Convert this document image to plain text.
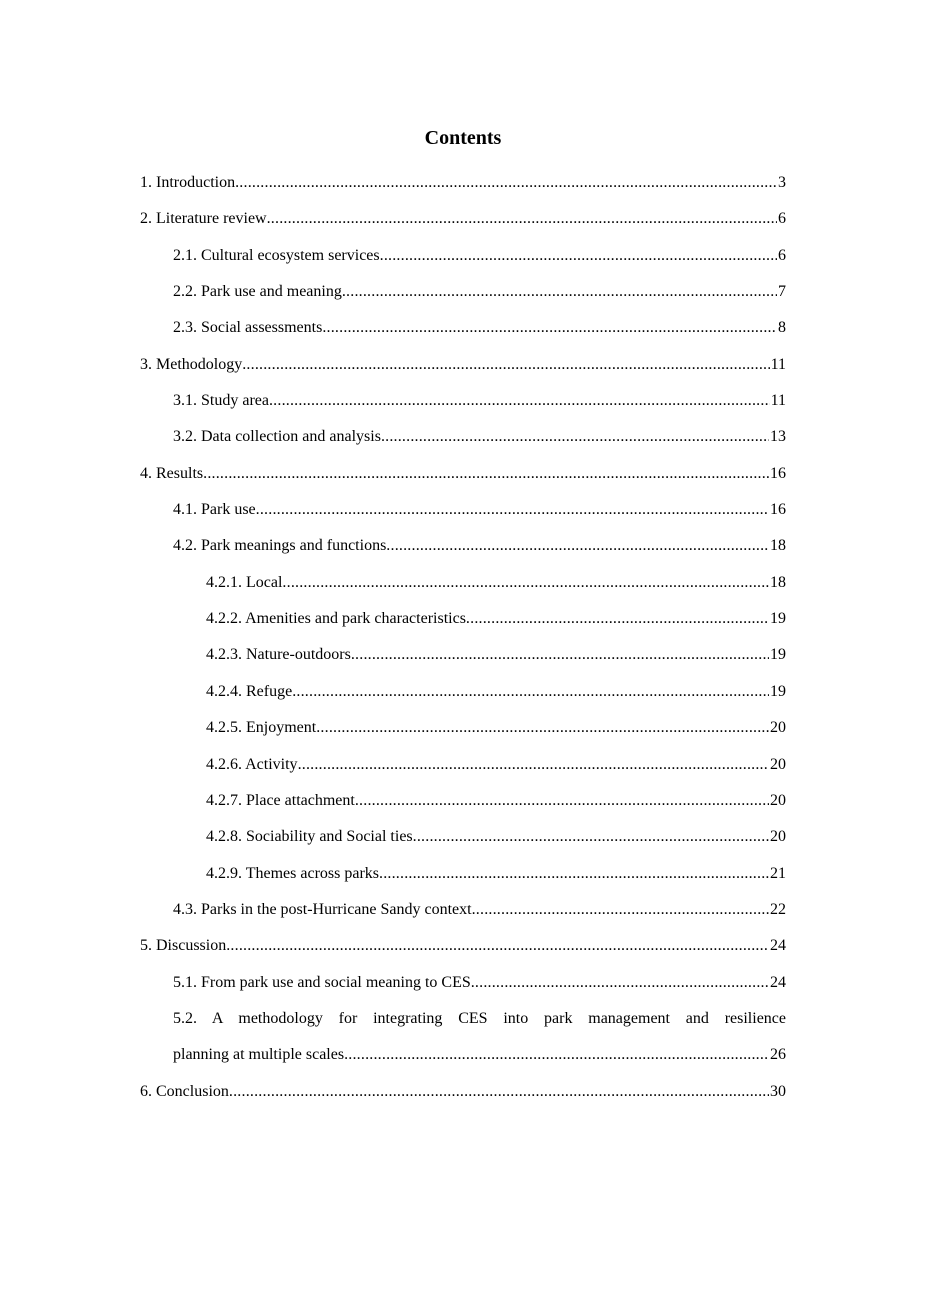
Contents
1. Introduction .....	3
2. Literature review .....	6
2.1. Cultural ecosystem services .....	6
2.2. Park use and meaning .....	7
2.3. Social assessments .....	8
3. Methodology .....	11
3.1. Study area .....	11
3.2. Data collection and analysis .....	13
4. Results .....	16
4.1. Park use .....	16
4.2. Park meanings and functions .....	18
4.2.1. Local .....	18
4.2.2. Amenities and park characteristics .....	19
4.2.3. Nature-outdoors .....	19
4.2.4. Refuge .....	19
4.2.5. Enjoyment .....	20
4.2.6. Activity .....	20
4.2.7. Place attachment .....	20
4.2.8. Sociability and Social ties .....	20
4.2.9. Themes across parks .....	21
4.3. Parks in the post-Hurricane Sandy context .....	22
5. Discussion .....	24
5.1. From park use and social meaning to CES .....	24
5.2. A methodology for integrating CES into park management and resilience
planning at multiple scales .....	26
6. Conclusion .....	30
